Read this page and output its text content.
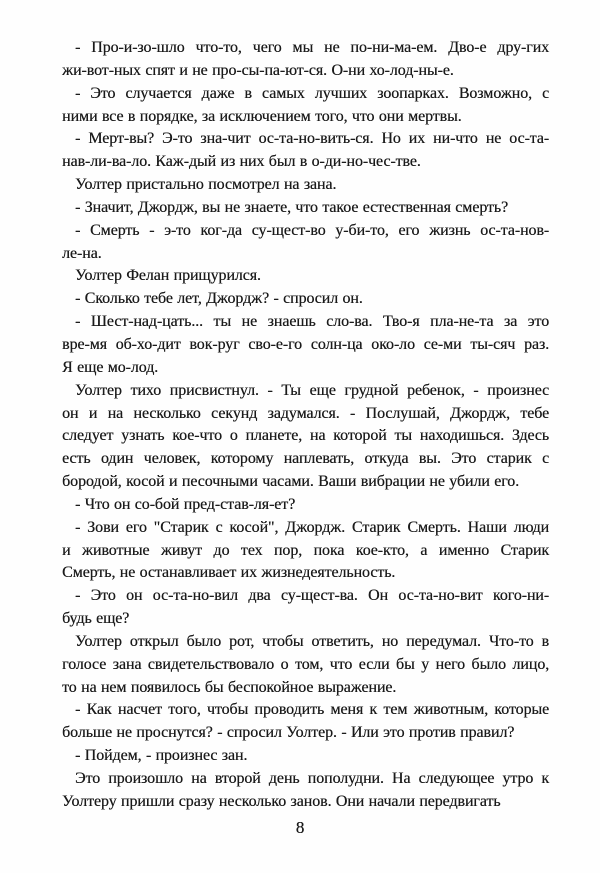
- Про-и-зо-шло что-то, чего мы не по-ни-ма-ем. Дво-е дру-гих
жи-вот-ных спят и не про-сы-па-ют-ся. О-ни хо-лод-ны-е.
- Это случается даже в самых лучших зоопарках. Возможно, с
ними все в порядке, за исключением того, что они мертвы.
- Мерт-вы? Э-то зна-чит ос-та-но-вить-ся. Но их ни-что не ос-та-
нав-ли-ва-ло. Каж-дый из них был в о-ди-но-чес-тве.
Уолтер пристально посмотрел на зана.
- Значит, Джордж, вы не знаете, что такое естественная смерть?
- Смерть - э-то ког-да су-щест-во у-би-то, его жизнь ос-та-нов-
ле-на.
Уолтер Фелан прищурился.
- Сколько тебе лет, Джордж? - спросил он.
- Шест-над-цать... ты не знаешь сло-ва. Тво-я пла-не-та за это
вре-мя об-хо-дит вок-руг сво-е-го солн-ца око-ло се-ми ты-сяч раз.
Я еще мо-лод.
Уолтер тихо присвистнул. - Ты еще грудной ребенок, - произнес
он и на несколько секунд задумался. - Послушай, Джордж, тебе
следует узнать кое-что о планете, на которой ты находишься. Здесь
есть один человек, которому наплевать, откуда вы. Это старик с
бородой, косой и песочными часами. Ваши вибрации не убили его.
- Что он со-бой пред-став-ля-ет?
- Зови его "Старик с косой", Джордж. Старик Смерть. Наши люди
и животные живут до тех пор, пока кое-кто, а именно Старик
Смерть, не останавливает их жизнедеятельность.
- Это он ос-та-но-вил два су-щест-ва. Он ос-та-но-вит кого-ни-
будь еще?
Уолтер открыл было рот, чтобы ответить, но передумал. Что-то в
голосе зана свидетельствовало о том, что если бы у него было лицо,
то на нем появилось бы беспокойное выражение.
- Как насчет того, чтобы проводить меня к тем животным, которые
больше не проснутся? - спросил Уолтер. - Или это против правил?
- Пойдем, - произнес зан.
Это произошло на второй день пополудни. На следующее утро к
Уолтеру пришли сразу несколько занов. Они начали передвигать
8
